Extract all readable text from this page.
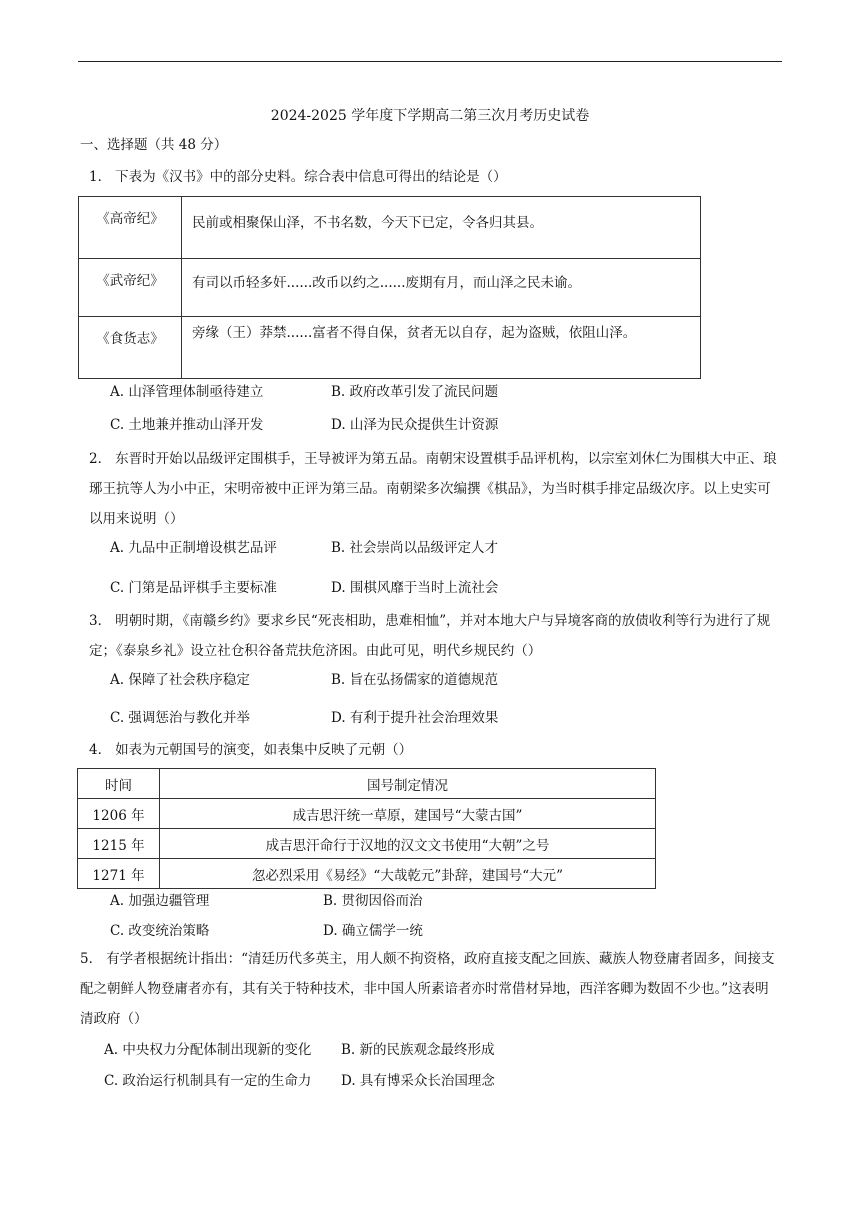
2024-2025 学年度下学期高二第三次月考历史试卷
一、选择题（共 48 分）
1． 下表为《汉书》中的部分史料。综合表中信息可得出的结论是（）
《高帝纪》	民前或相聚保山泽，不书名数，今天下已定，令各归其县。
《武帝纪》	有司以币轻多奸......改币以约之......废期有月，而山泽之民未谕。
《食货志》	旁缘（王）莽禁......富者不得自保，贫者无以自存，起为盗贼，依阻山泽。
A. 山泽管理体制亟待建立	B. 政府改革引发了流民问题
C. 土地兼并推动山泽开发	D. 山泽为民众提供生计资源
2． 东晋时开始以品级评定围棋手，王导被评为第五品。南朝宋设置棋手品评机构，以宗室刘休仁为围棋大中正、琅琊王抗等人为小中正，宋明帝被中正评为第三品。南朝梁多次编撰《棋品》，为当时棋手排定品级次序。以上史实可以用来说明（）
A. 九品中正制增设棋艺品评	B. 社会崇尚以品级评定人才
C. 门第是品评棋手主要标准	D. 围棋风靡于当时上流社会
3． 明朝时期，《南赣乡约》要求乡民“死丧相助，患难相恤”，并对本地大户与异境客商的放债收利等行为进行了规定；《泰泉乡礼》设立社仓积谷备荒扶危济困。由此可见，明代乡规民约（）
A. 保障了社会秩序稳定	B. 旨在弘扬儒家的道德规范
C. 强调惩治与教化并举	D. 有利于提升社会治理效果
4． 如表为元朝国号的演变，如表集中反映了元朝（）
时间	国号制定情况
1206 年	成吉思汗统一草原，建国号“大蒙古国”
1215 年	成吉思汗命行于汉地的汉文文书使用“大朝”之号
1271 年	忽必烈采用《易经》“大哉乾元”卦辞，建国号“大元”
A. 加强边疆管理	B. 贯彻因俗而治
C. 改变统治策略	D. 确立儒学一统
5． 有学者根据统计指出：“清廷历代多英主，用人颇不拘资格，政府直接支配之回族、藏族人物登庸者固多，间接支配之朝鲜人物登庸者亦有，其有关于特种技术，非中国人所素谙者亦时常借材异地，西洋客卿为数固不少也。”这表明清政府（）
A. 中央权力分配体制出现新的变化 B. 新的民族观念最终形成
C. 政治运行机制具有一定的生命力 D. 具有博采众长治国理念
